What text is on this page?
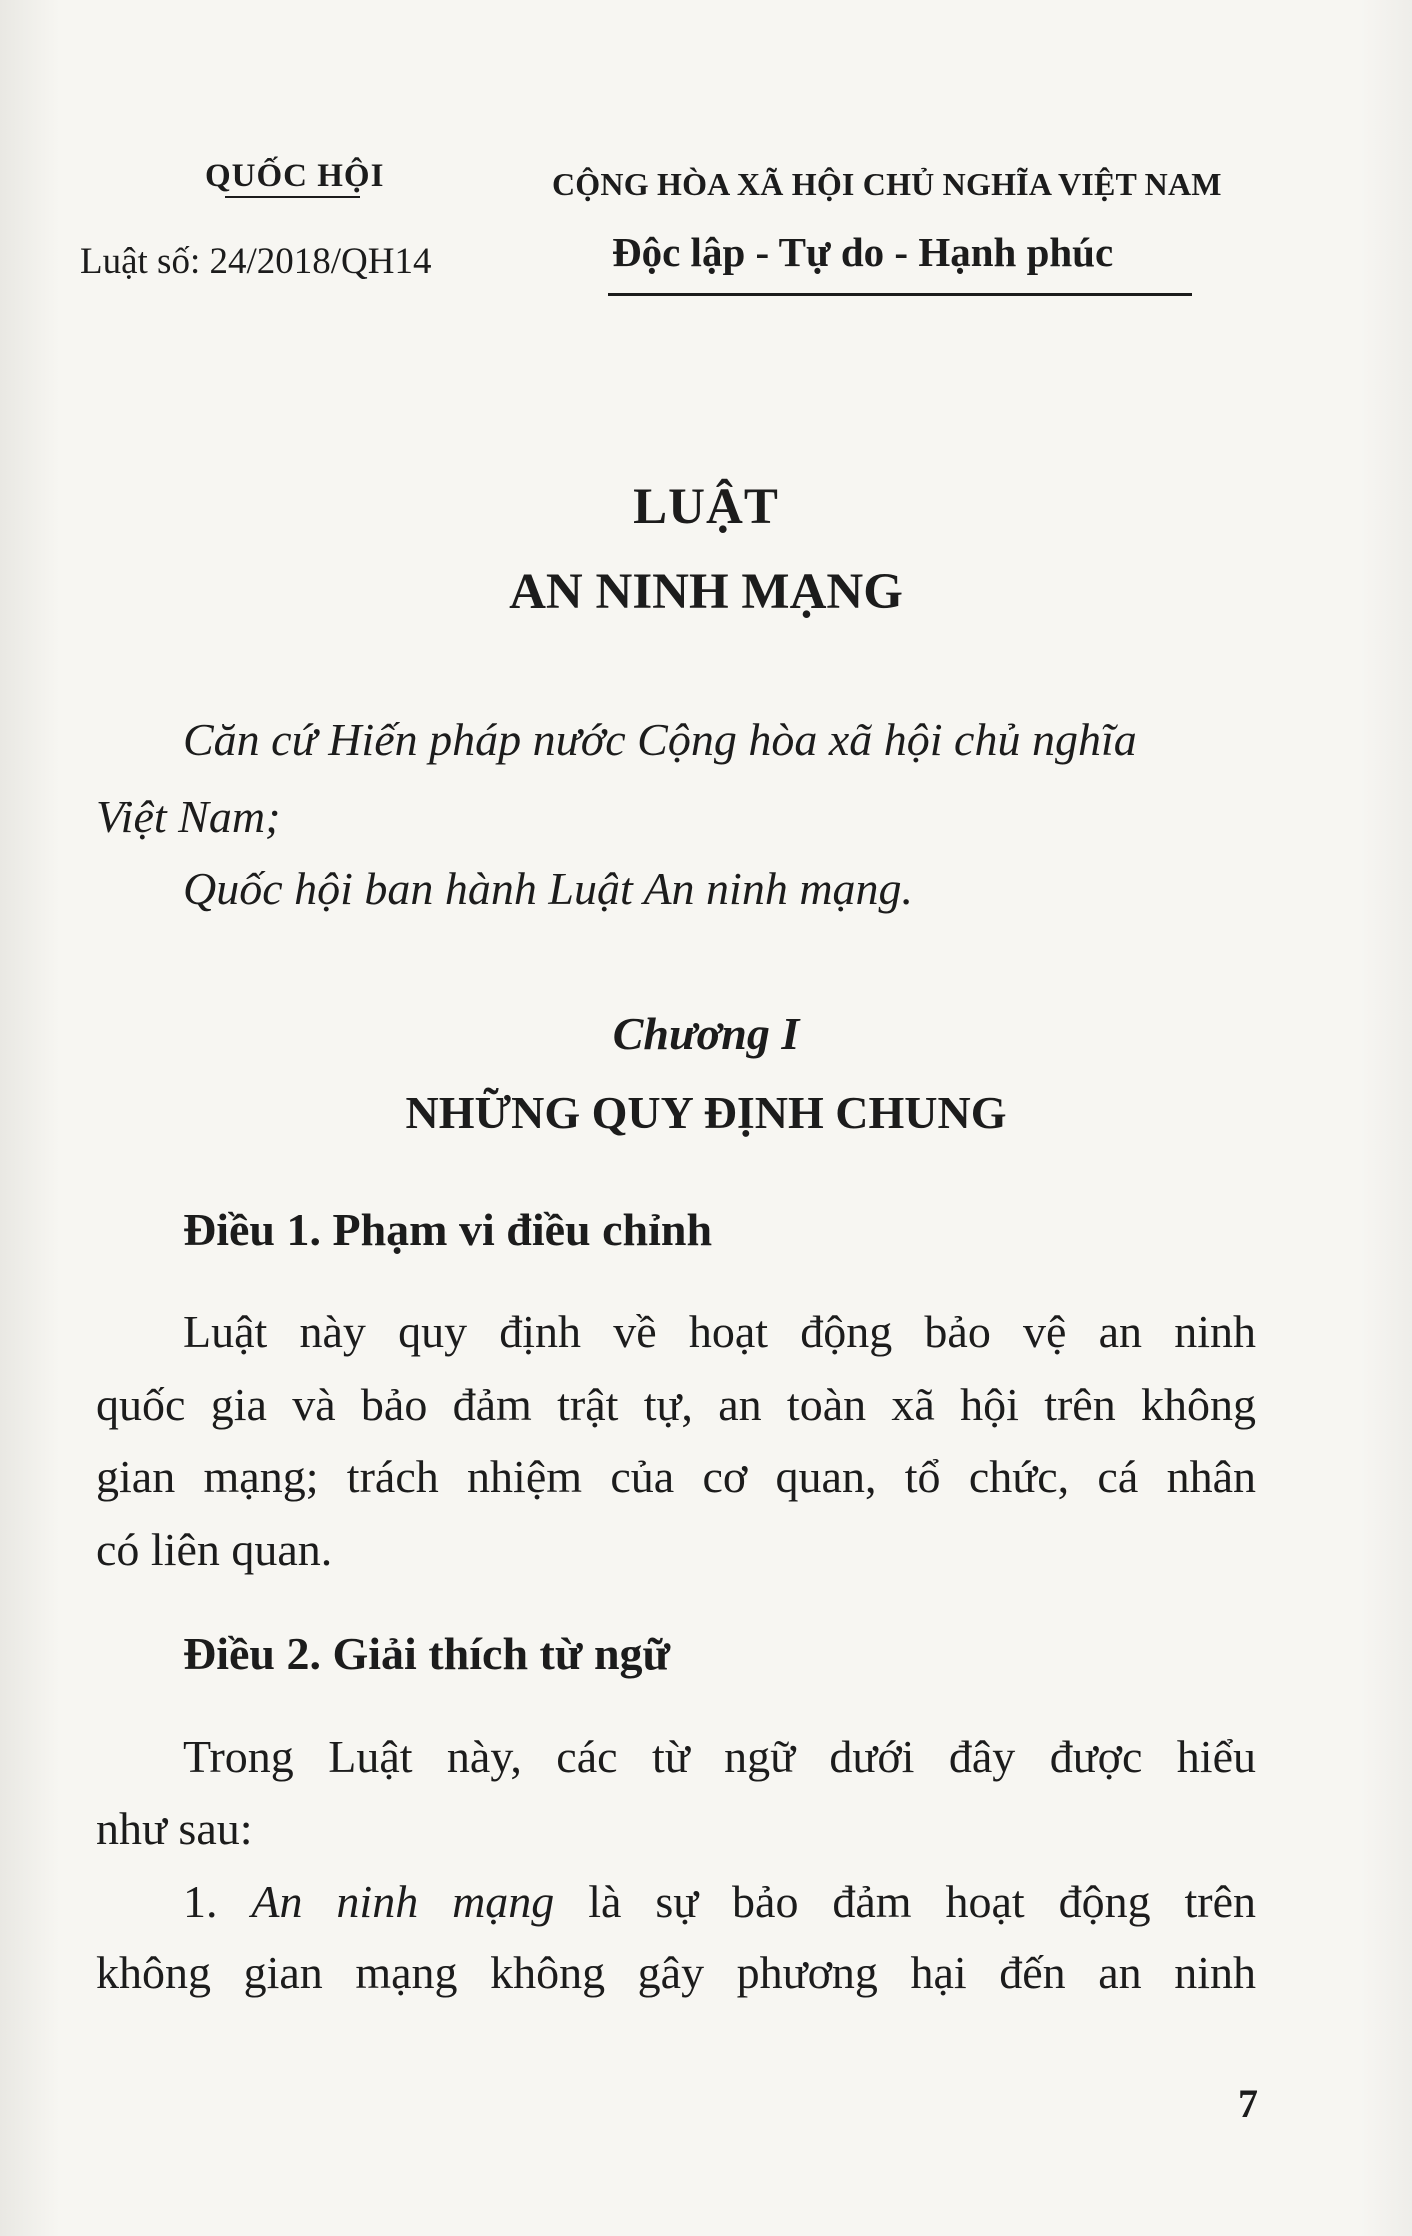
QUỐC HỘI
Luật số: 24/2018/QH14
CỘNG HÒA XÃ HỘI CHỦ NGHĨA VIỆT NAM
Độc lập - Tự do - Hạnh phúc
LUẬT
AN NINH MẠNG
Căn cứ Hiến pháp nước Cộng hòa xã hội chủ nghĩa
Việt Nam;
Quốc hội ban hành Luật An ninh mạng.
Chương I
NHỮNG QUY ĐỊNH CHUNG
Điều 1. Phạm vi điều chỉnh
Luật này quy định về hoạt động bảo vệ an ninh
quốc gia và bảo đảm trật tự, an toàn xã hội trên không
gian mạng; trách nhiệm của cơ quan, tổ chức, cá nhân
có liên quan.
Điều 2. Giải thích từ ngữ
Trong Luật này, các từ ngữ dưới đây được hiểu
như sau:
1. An ninh mạng là sự bảo đảm hoạt động trên
không gian mạng không gây phương hại đến an ninh
7
